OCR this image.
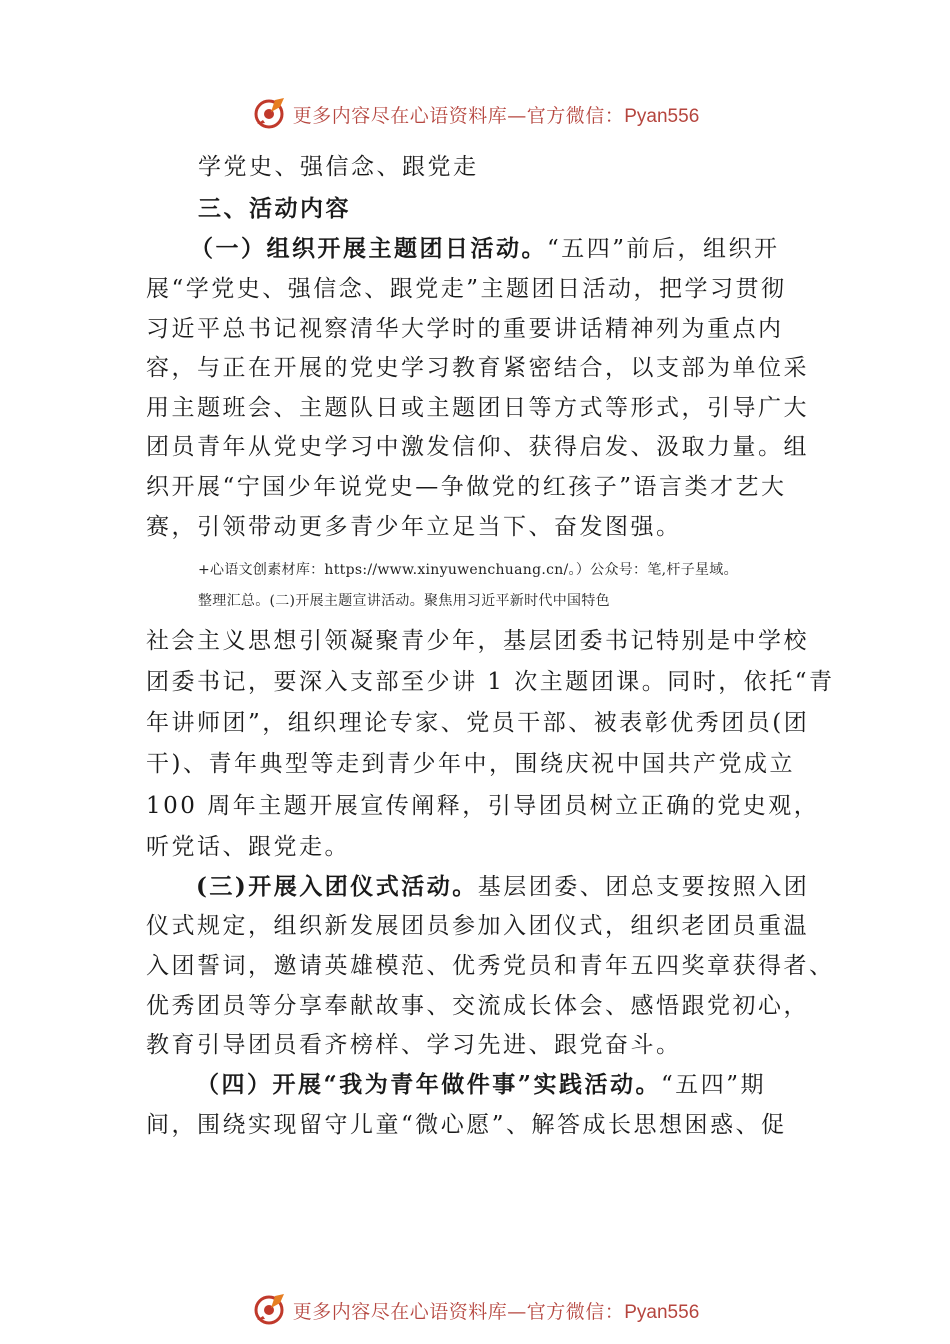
更多内容尽在心语资料库—官方微信：Pyan556
学党史、强信念、跟党走
三、活动内容
（一）组织开展主题团日活动。“五四”前后，组织开
展“学党史、强信念、跟党走”主题团日活动，把学习贯彻
习近平总书记视察清华大学时的重要讲话精神列为重点内
容，与正在开展的党史学习教育紧密结合，以支部为单位采
用主题班会、主题队日或主题团日等方式等形式，引导广大
团员青年从党史学习中激发信仰、获得启发、汲取力量。组
织开展“宁国少年说党史—争做党的红孩子”语言类才艺大
赛，引领带动更多青少年立足当下、奋发图强。
+心语文创素材库：https://www.xinyuwenchuang.cn/。）公众号：笔,杆子星域。
整理汇总。(二)开展主题宣讲活动。聚焦用习近平新时代中国特色
社会主义思想引领凝聚青少年，基层团委书记特别是中学校
团委书记，要深入支部至少讲 1 次主题团课。同时，依托“青
年讲师团”，组织理论专家、党员干部、被表彰优秀团员(团
干)、青年典型等走到青少年中，围绕庆祝中国共产党成立
100 周年主题开展宣传阐释，引导团员树立正确的党史观，
听党话、跟党走。
(三)开展入团仪式活动。基层团委、团总支要按照入团
仪式规定，组织新发展团员参加入团仪式，组织老团员重温
入团誓词，邀请英雄模范、优秀党员和青年五四奖章获得者、
优秀团员等分享奉献故事、交流成长体会、感悟跟党初心，
教育引导团员看齐榜样、学习先进、跟党奋斗。
（四）开展“我为青年做件事”实践活动。“五四”期
间，围绕实现留守儿童“微心愿”、解答成长思想困惑、促
更多内容尽在心语资料库—官方微信：Pyan556
